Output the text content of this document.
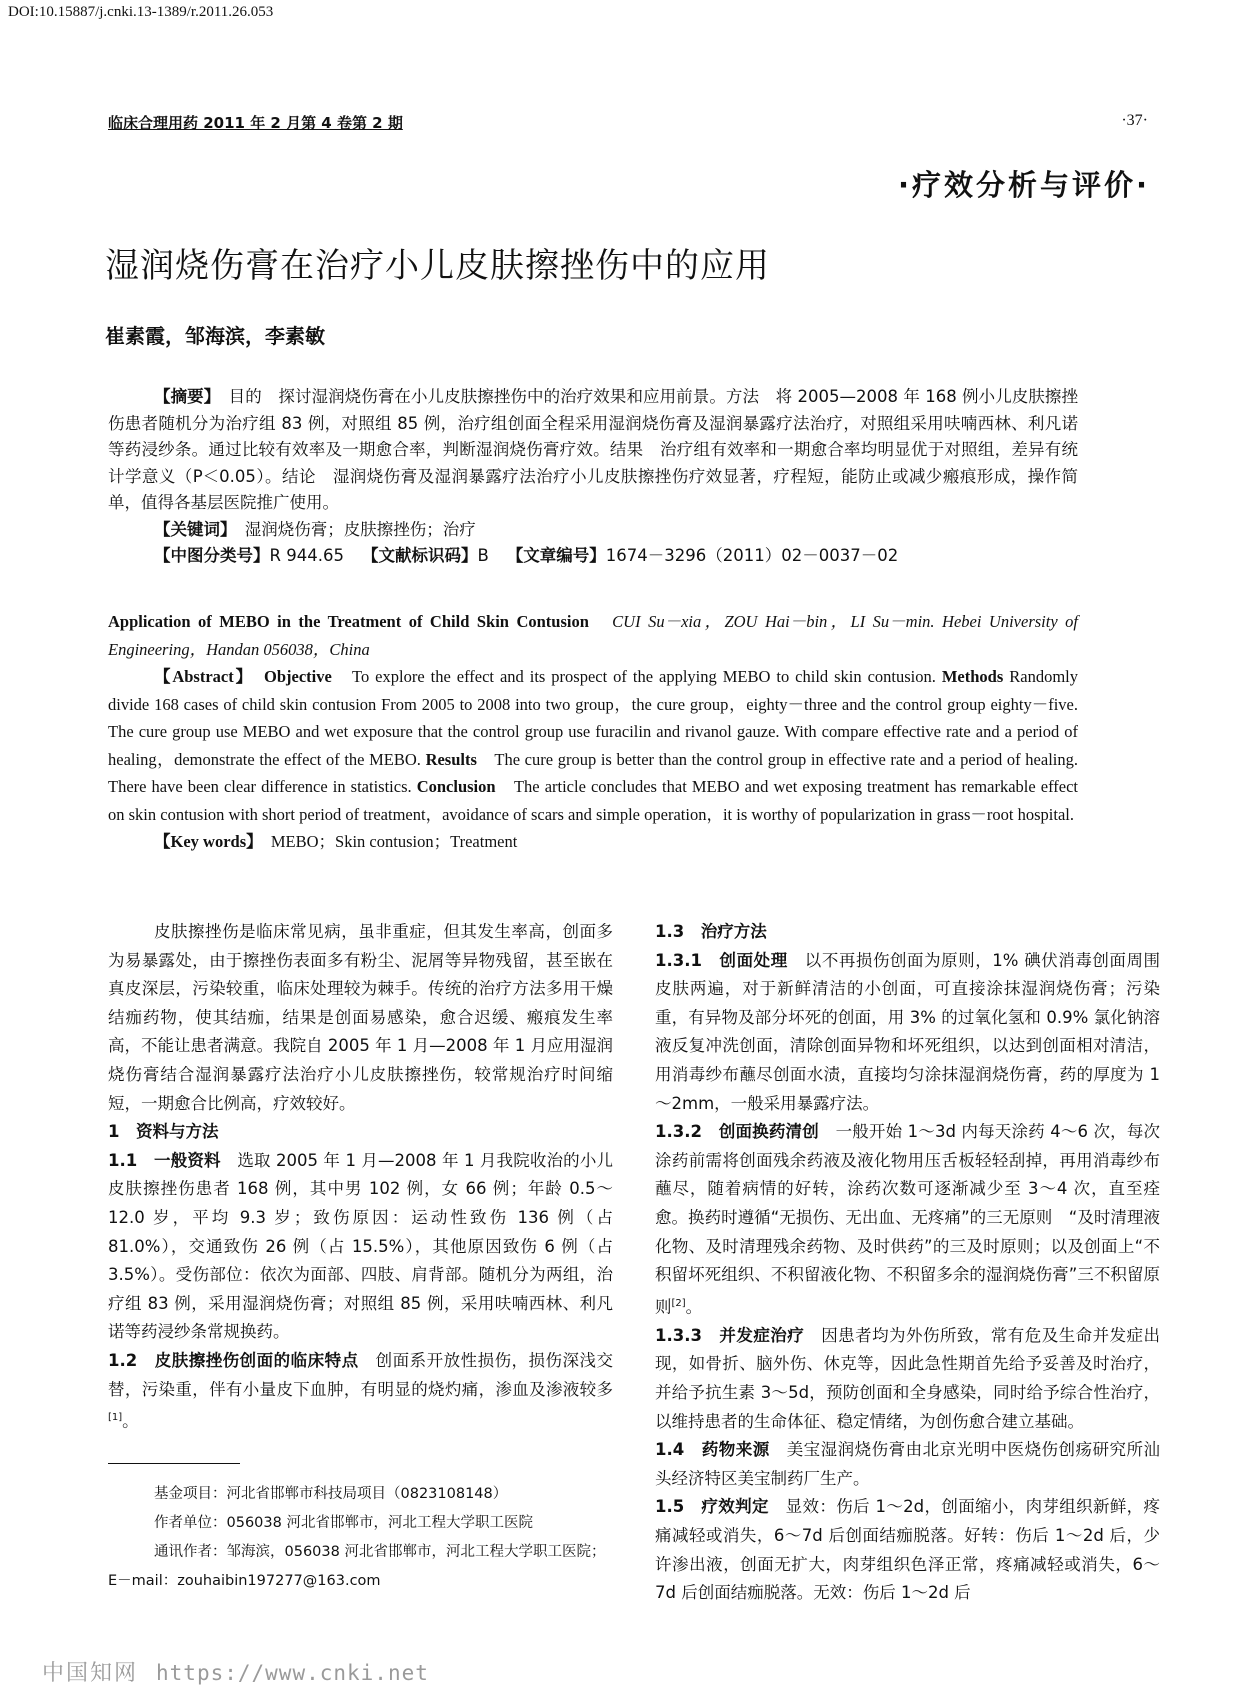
DOI:10.15887/j.cnki.13-1389/r.2011.26.053
临床合理用药 2011 年 2 月第 4 卷第 2 期	·37·
·疗效分析与评价·
湿润烧伤膏在治疗小儿皮肤擦挫伤中的应用
崔素霞，邹海滨，李素敏

【摘要】　 目的　探讨湿润烧伤膏在小儿皮肤擦挫伤中的治疗效果和应用前景。方法　将 2005—2008 年 168 例小儿皮肤擦挫伤患者随机分为治疗组 83 例，对照组 85 例，治疗组创面全程采用湿润烧伤膏及湿润暴露疗法治疗，对照组采用呋喃西林、利凡诺等药浸纱条。通过比较有效率及一期愈合率，判断湿润烧伤膏疗效。结果　治疗组有效率和一期愈合率均明显优于对照组，差异有统计学意义（P＜0.05）。结论　湿润烧伤膏及湿润暴露疗法治疗小儿皮肤擦挫伤疗效显著，疗程短，能防止或减少瘢痕形成，操作简单，值得各基层医院推广使用。

【关键词】　 湿润烧伤膏；皮肤擦挫伤；治疗

【中图分类号】R 944.65 【文献标识码】B 【文章编号】1674－3296（2011）02－0037－02

Application of MEBO in the Treatment of Child Skin Contusion　 CUI Su－xia，ZOU Hai－bin，LI Su－min. Hebei University of Engineering，Handan 056038，China

【Abstract】　 Objective　 To explore the effect and its prospect of the applying MEBO to child skin contusion. Methods Randomly divide 168 cases of child skin contusion From 2005 to 2008 into two group，the cure group，eighty－three and the control group eighty－five. The cure group use MEBO and wet exposure that the control group use furacilin and rivanol gauze. With compare effective rate and a period of healing，demonstrate the effect of the MEBO. Results　 The cure group is better than the control group in effective rate and a period of healing. There have been clear difference in statistics. Conclusion　 The article concludes that MEBO and wet exposing treatment has remarkable effect on skin contusion with short period of treatment，avoidance of scars and simple operation，it is worthy of popularization in grass－root hospital.

【Key words】　 MEBO；Skin contusion；Treatment

皮肤擦挫伤是临床常见病，虽非重症，但其发生率高，创面多为易暴露处，由于擦挫伤表面多有粉尘、泥屑等异物残留，甚至嵌在真皮深层，污染较重，临床处理较为棘手。传统的治疗方法多用干燥结痂药物，使其结痂，结果是创面易感染，愈合迟缓、瘢痕发生率高，不能让患者满意。我院自 2005 年 1 月—2008 年 1 月应用湿润烧伤膏结合湿润暴露疗法治疗小儿皮肤擦挫伤，较常规治疗时间缩短，一期愈合比例高，疗效较好。

1　资料与方法

1.1　一般资料　 选取 2005 年 1 月—2008 年 1 月我院收治的小儿皮肤擦挫伤患者 168 例，其中男 102 例，女 66 例；年龄 0.5～12.0 岁，平均 9.3 岁；致伤原因：运动性致伤 136 例（占 81.0%），交通致伤 26 例（占 15.5%），其他原因致伤 6 例（占 3.5%）。受伤部位：依次为面部、四肢、肩背部。随机分为两组，治疗组 83 例，采用湿润烧伤膏；对照组 85 例，采用呋喃西林、利凡诺等药浸纱条常规换药。

1.2　皮肤擦挫伤创面的临床特点　 创面系开放性损伤，损伤深浅交替，污染重，伴有小量皮下血肿，有明显的烧灼痛，渗血及渗液较多[1]。

1.3　治疗方法

1.3.1　创面处理　 以不再损伤创面为原则，1% 碘伏消毒创面周围皮肤两遍，对于新鲜清洁的小创面，可直接涂抹湿润烧伤膏；污染重，有异物及部分坏死的创面，用 3% 的过氧化氢和 0.9% 氯化钠溶液反复冲洗创面，清除创面异物和坏死组织，以达到创面相对清洁，用消毒纱布蘸尽创面水渍，直接均匀涂抹湿润烧伤膏，药的厚度为 1～2mm，一般采用暴露疗法。

1.3.2　创面换药清创　 一般开始 1～3d 内每天涂药 4～6 次，每次涂药前需将创面残余药液及液化物用压舌板轻轻刮掉，再用消毒纱布蘸尽，随着病情的好转，涂药次数可逐渐减少至 3～4 次，直至痊愈。换药时遵循“无损伤、无出血、无疼痛”的三无原则　“及时清理液化物、及时清理残余药物、及时供药”的三及时原则；以及创面上“不积留坏死组织、不积留液化物、不积留多余的湿润烧伤膏”三不积留原则[2]。

1.3.3　并发症治疗　 因患者均为外伤所致，常有危及生命并发症出现，如骨折、脑外伤、休克等，因此急性期首先给予妥善及时治疗，并给予抗生素 3～5d，预防创面和全身感染，同时给予综合性治疗，以维持患者的生命体征、稳定情绪，为创伤愈合建立基础。

1.4　药物来源　 美宝湿润烧伤膏由北京光明中医烧伤创疡研究所汕头经济特区美宝制药厂生产。

1.5　疗效判定　 显效：伤后 1～2d，创面缩小，肉芽组织新鲜，疼痛减轻或消失，6～7d 后创面结痂脱落。好转：伤后 1～2d 后，少许渗出液，创面无扩大，肉芽组织色泽正常，疼痛减轻或消失，6～7d 后创面结痂脱落。无效：伤后 1～2d 后

基金项目：河北省邯郸市科技局项目（0823108148）

作者单位：056038 河北省邯郸市，河北工程大学职工医院

通讯作者：邹海滨，056038 河北省邯郸市，河北工程大学职工医院；E－mail：zouhaibin197277@163.com

中国知网 https://www.cnki.net
